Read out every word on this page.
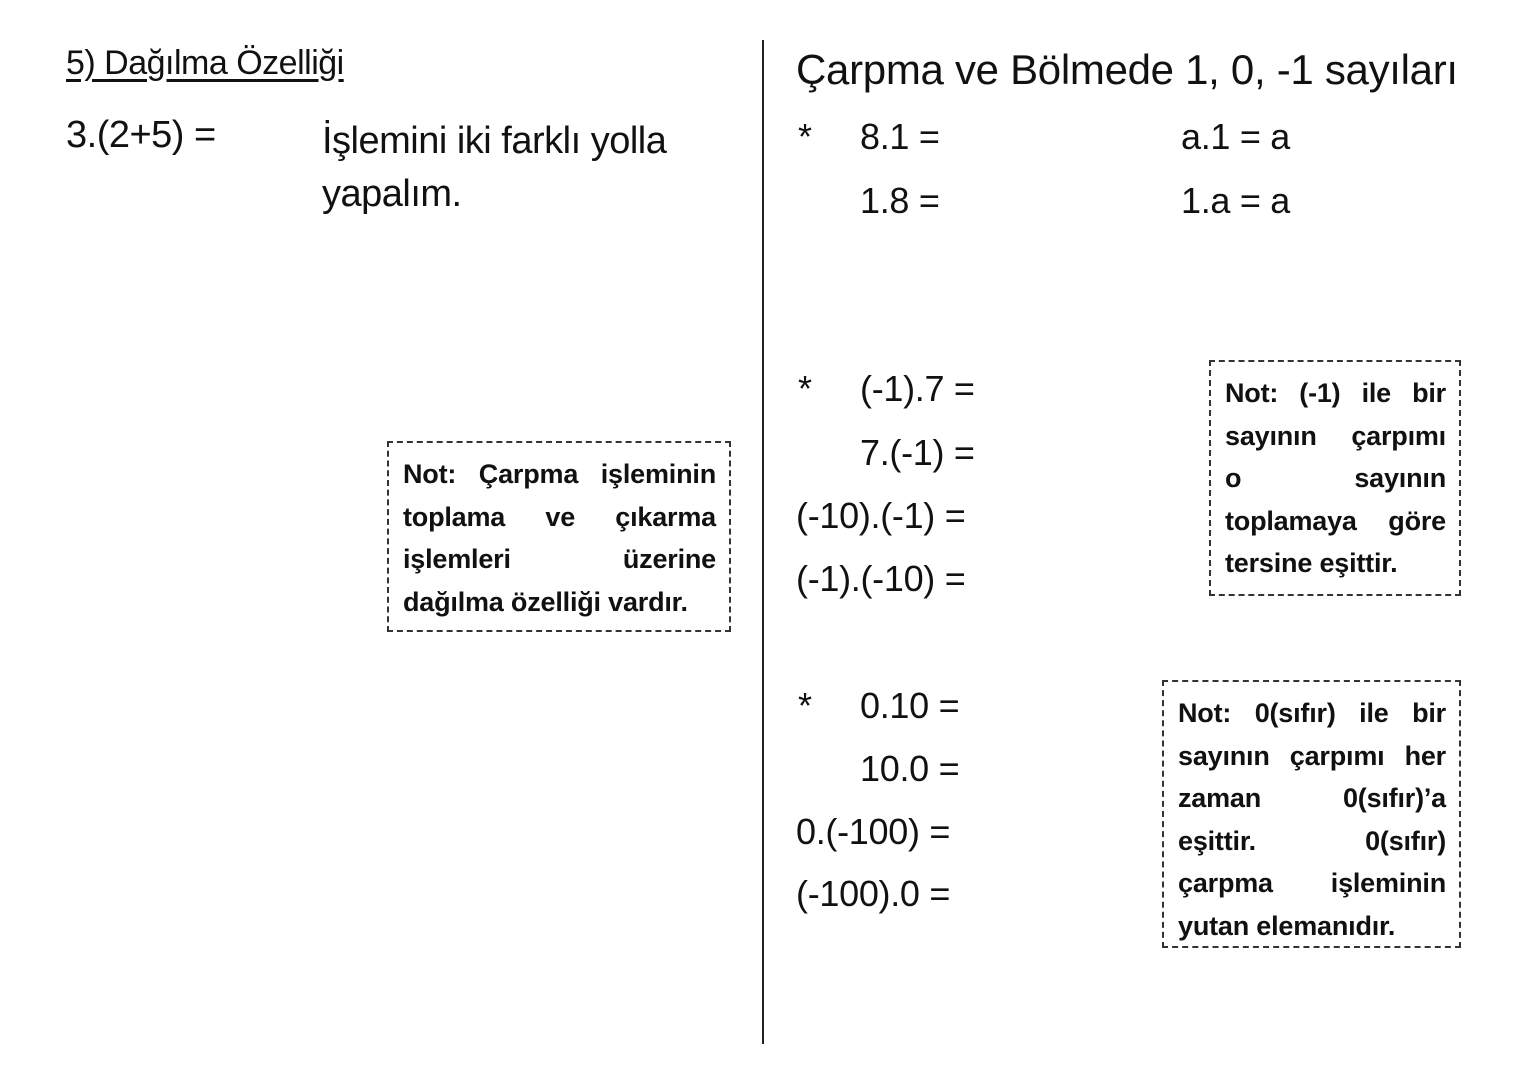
5) Dağılma Özelliği
3.(2+5) =	İşlemini iki farklı yolla
yapalım.
Not: Çarpma işleminin
toplama ve çıkarma
işlemleri üzerine
dağılma özelliği vardır.
Çarpma ve Bölmede 1, 0, -1 sayıları
* 8.1 =
1.8 =
a.1 = a
1.a = a
* (-1).7 =
7.(-1) =
(-10).(-1) =
(-1).(-10) =
Not: (-1) ile bir
sayının çarpımı
o sayının
toplamaya göre
tersine eşittir.
* 0.10 =
10.0 =
0.(-100) =
(-100).0 =
Not: 0(sıfır) ile bir
sayının çarpımı her
zaman 0(sıfır)’a
eşittir. 0(sıfır)
çarpma işleminin
yutan elemanıdır.
